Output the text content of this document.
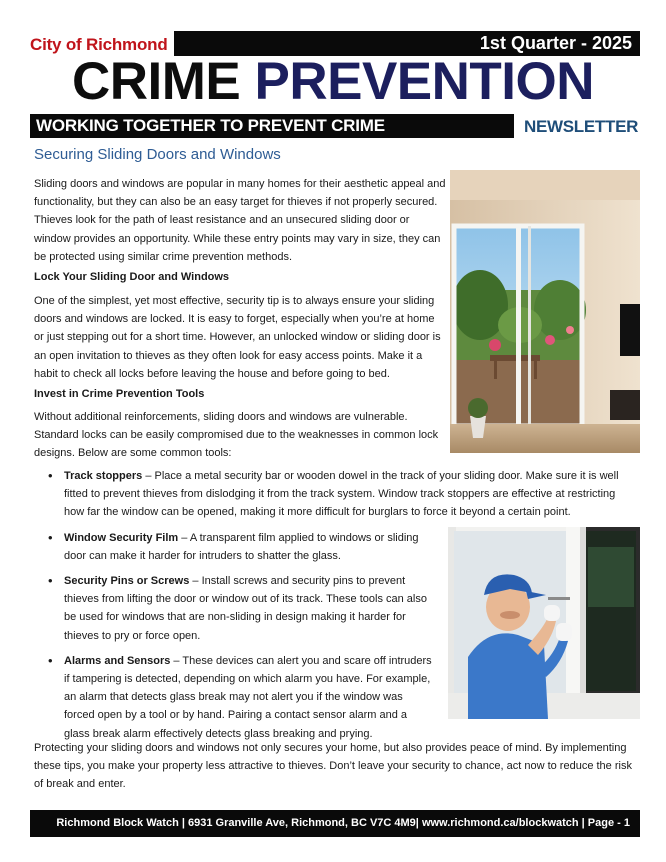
City of Richmond	1st Quarter - 2025
CRIME PREVENTION
WORKING TOGETHER TO PREVENT CRIME	NEWSLETTER
Securing Sliding Doors and Windows

Sliding doors and windows are popular in many homes for their aesthetic appeal and functionality, but they can also be an easy target for thieves if not properly secured. Thieves look for the path of least resistance and an unsecured sliding door or window provides an opportunity. While these entry points may vary in size, they can be protected using similar crime prevention methods.

Lock Your Sliding Door and Windows

One of the simplest, yet most effective, security tip is to always ensure your sliding doors and windows are locked. It is easy to forget, especially when you’re at home or just stepping out for a short time. However, an unlocked window or sliding door is an open invitation to thieves as they often look for easy access points. Make it a habit to check all locks before leaving the house and before going to bed.

Invest in Crime Prevention Tools

Without additional reinforcements, sliding doors and windows are vulnerable. Standard locks can be easily compromised due to the weaknesses in common lock designs. Below are some common tools:

• Track stoppers – Place a metal security bar or wooden dowel in the track of your sliding door. Make sure it is well fitted to prevent thieves from dislodging it from the track system. Window track stoppers are effective at restricting how far the window can be opened, making it more difficult for burglars to force it beyond a certain point.
• Window Security Film – A transparent film applied to windows or sliding door can make it harder for intruders to shatter the glass.
• Security Pins or Screws – Install screws and security pins to prevent thieves from lifting the door or window out of its track. These tools can also be used for windows that are non-sliding in design making it harder for thieves to pry or force open.
• Alarms and Sensors – These devices can alert you and scare off intruders if tampering is detected, depending on which alarm you have. For example, an alarm that detects glass break may not alert you if the window was forced open by a tool or by hand. Pairing a contact sensor alarm and a glass break alarm effectively detects glass breaking and prying.

Protecting your sliding doors and windows not only secures your home, but also provides peace of mind. By implementing these tips, you make your property less attractive to thieves. Don’t leave your security to chance, act now to reduce the risk of break and enter.

Richmond Block Watch | 6931 Granville Ave, Richmond, BC V7C 4M9| www.richmond.ca/blockwatch | Page - 1
